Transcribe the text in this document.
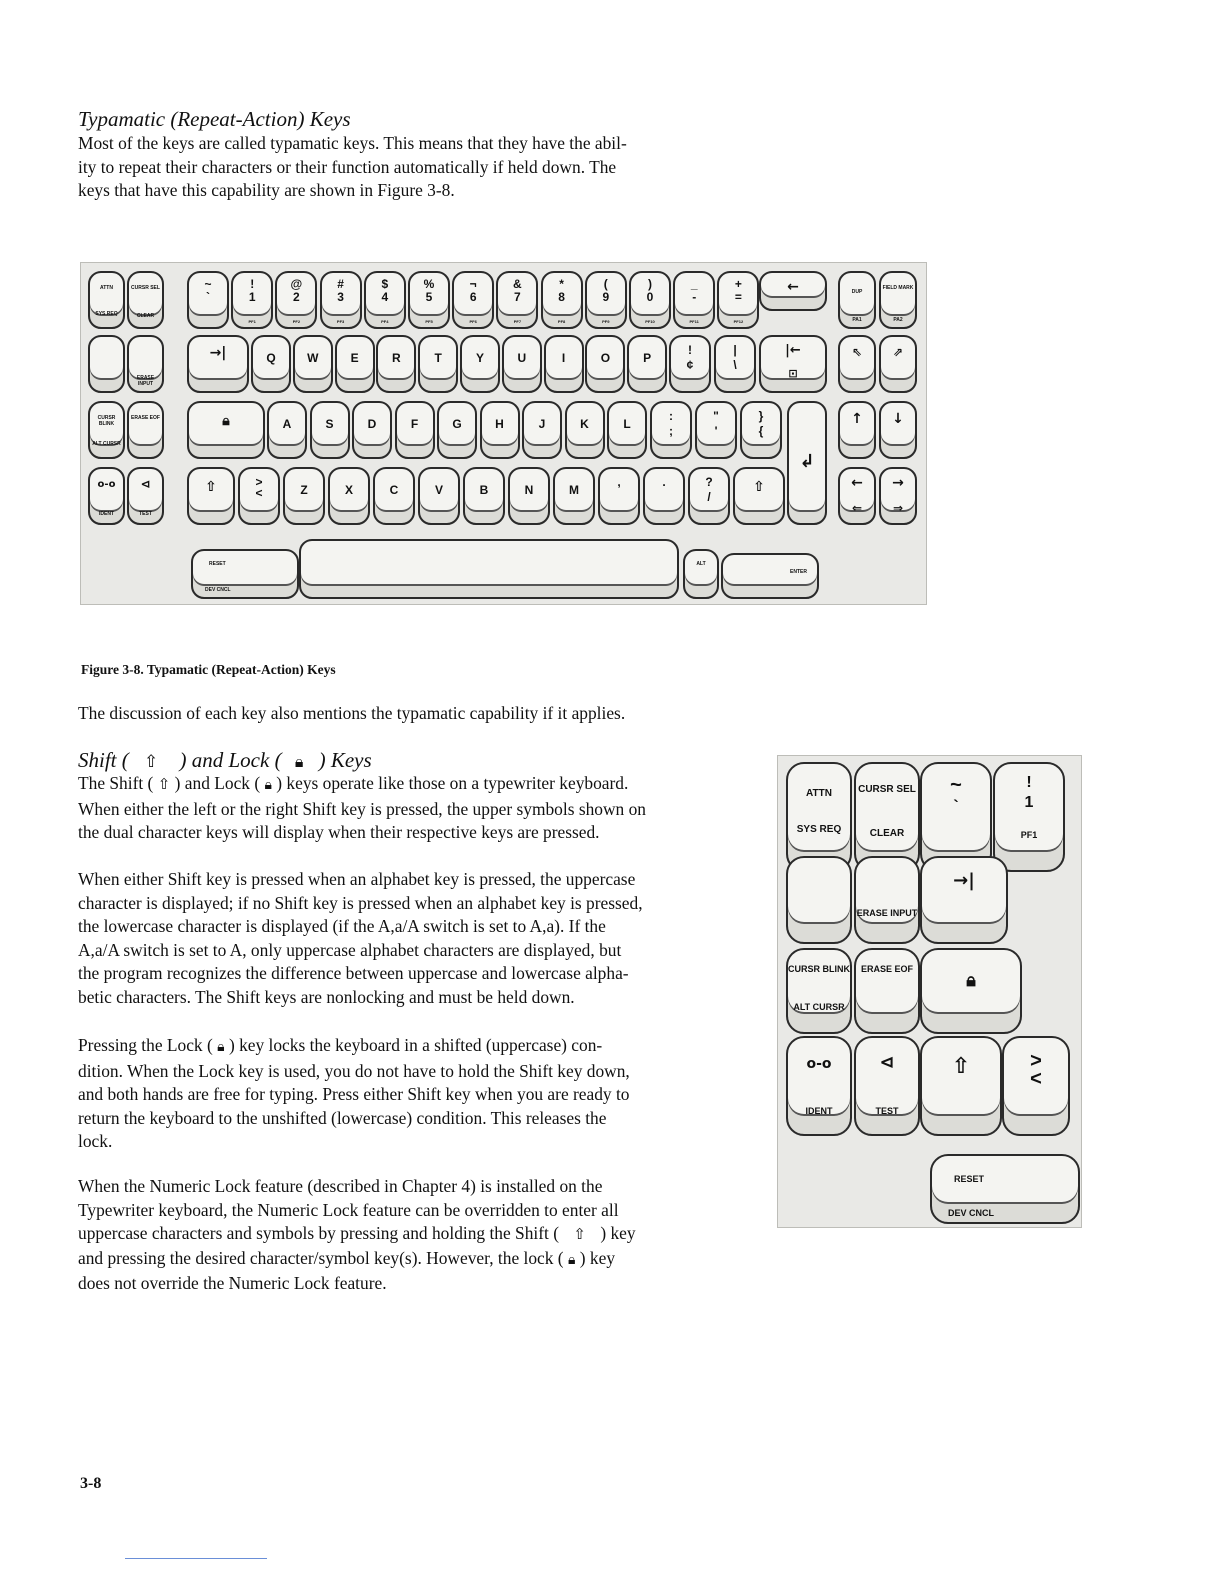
Typamatic (Repeat-Action) Keys

Most of the keys are called typamatic keys. This means that they have the abil-

ity to repeat their characters or their function automatically if held down. The

keys that have this capability are shown in Figure 3-8.

ATTN
SYS REQ
CURSR SEL
CLEAR
ERASE INPUT
CURSR BLINK
ALT CURSR
ERASE EOF
o-o
IDENT
⊲
TEST
←
→|	!
¢
|
\
|←
⊡
🔒︎	:
;
"
'
}
{
↲
⇧	>
<
,	.	?
/
⇧
DUP
PA1
FIELD MARK
PA2
⇖	⇗
↑	↓
←
⇐
→
⇒
RESET
DEV CNCL
ALT
ENTER
~
`
!
1
PF1
@
2
PF2
#
3
PF3
$
4
PF4
%
5
PF5
¬
6
PF6
&
7
PF7
*
8
PF8
(
9
PF9
)
0
PF10
_
-
PF11
+
=
PF12
Q	W	E	R	T	Y	U	I	O	P
A	S	D	F	G	H	J	K	L
Z	X	C	V	B	N	M
Figure 3-8. Typamatic (Repeat-Action) Keys

The discussion of each key also mentions the typamatic capability if it applies.

Shift ( ⇧ ) and Lock ( 🔒︎ ) Keys

The Shift ( ⇧ ) and Lock ( 🔒︎ ) keys operate like those on a typewriter keyboard.

When either the left or the right Shift key is pressed, the upper symbols shown on

the dual character keys will display when their respective keys are pressed.

When either Shift key is pressed when an alphabet key is pressed, the uppercase

character is displayed; if no Shift key is pressed when an alphabet key is pressed,

the lowercase character is displayed (if the A,a/A switch is set to A,a). If the

A,a/A switch is set to A, only uppercase alphabet characters are displayed, but

the program recognizes the difference between uppercase and lowercase alpha-

betic characters. The Shift keys are nonlocking and must be held down.

Pressing the Lock ( 🔒︎ ) key locks the keyboard in a shifted (uppercase) con-

dition. When the Lock key is used, you do not have to hold the Shift key down,

and both hands are free for typing. Press either Shift key when you are ready to

return the keyboard to the unshifted (lowercase) condition. This releases the

lock.

When the Numeric Lock feature (described in Chapter 4) is installed on the

Typewriter keyboard, the Numeric Lock feature can be overridden to enter all

uppercase characters and symbols by pressing and holding the Shift ( ⇧ ) key

and pressing the desired character/symbol key(s). However, the lock ( 🔒︎ ) key

does not override the Numeric Lock feature.

ATTN
SYS REQ
CURSR SEL
CLEAR
~
`
!
1
PF1
ERASE INPUT
→|
CURSR BLINK
ALT CURSR
ERASE EOF
🔒︎
o-o
IDENT
⊲
TEST
⇧	>
<
RESET
DEV CNCL
3-8
